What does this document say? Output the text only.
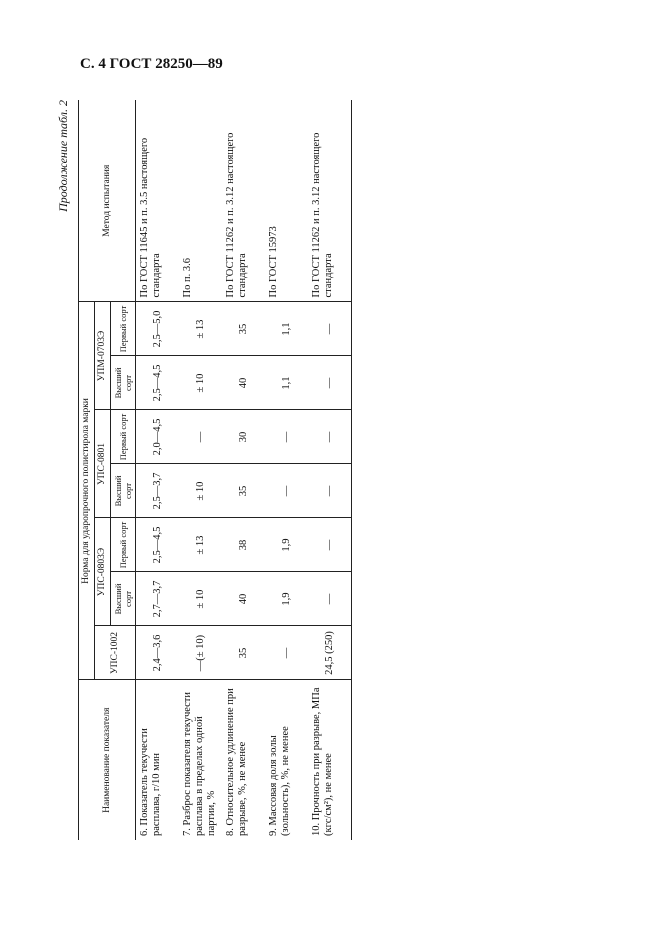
С. 4 ГОСТ 28250—89
Продолжение табл. 2
Наименование показателя	Норма для ударопрочного полистирола марки							Метод испытания
	УПС-1002	УПС-0803Э		УПС-0801		УПМ-0703Э		
		Высший сорт	Первый сорт	Высший сорт	Первый сорт	Высший сорт	Первый сорт	
6. Показатель текучести расплава, г/10 мин	2,4—3,6	2,7—3,7	2,5—4,5	2,5—3,7	2,0—4,5	2,5—4,5	2,5—5,0	По ГОСТ 11645 и п. 3.5 настоящего стандарта
7. Разброс показателя текучести расплава в пределах одной партии, %	—(± 10)	± 10	± 13	± 10	—	± 10	± 13	По п. 3.6
8. Относительное удлинение при разрыве, %, не менее	35	40	38	35	30	40	35	По ГОСТ 11262 и п. 3.12 настоящего стандарта
9. Массовая доля золы (зольность), %, не менее	—	1,9	1,9	—	—	1,1	1,1	По ГОСТ 15973
10. Прочность при разрыве, МПа (кгс/см²), не менее	24,5 (250)	—	—	—	—	—	—	По ГОСТ 11262 и п. 3.12 настоящего стандарта
